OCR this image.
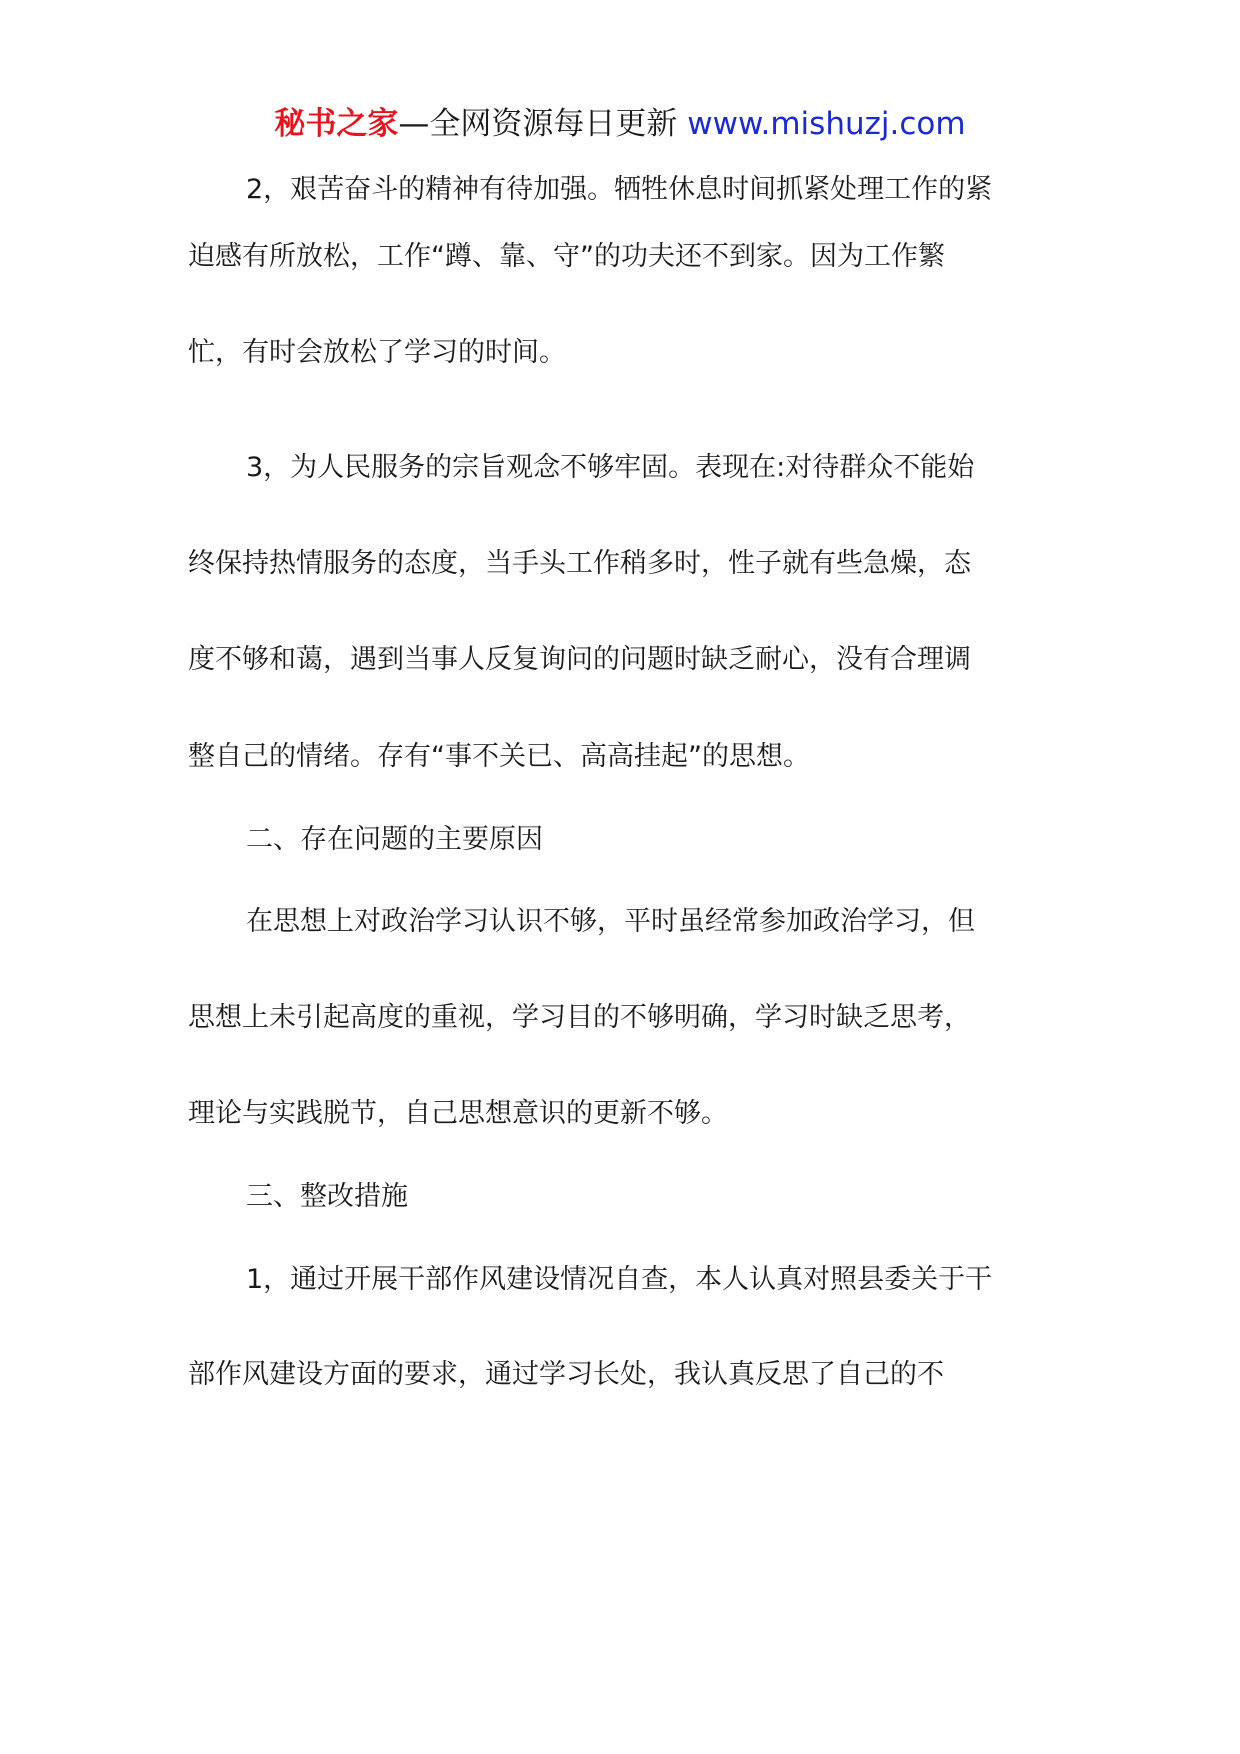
秘书之家—全网资源每日更新 www.mishuzj.com
2，艰苦奋斗的精神有待加强。牺牲休息时间抓紧处理工作的紧
迫感有所放松，工作“蹲、靠、守”的功夫还不到家。因为工作繁
忙，有时会放松了学习的时间。
3，为人民服务的宗旨观念不够牢固。表现在:对待群众不能始
终保持热情服务的态度，当手头工作稍多时，性子就有些急燥，态
度不够和蔼，遇到当事人反复询问的问题时缺乏耐心，没有合理调
整自己的情绪。存有“事不关已、高高挂起”的思想。
二、存在问题的主要原因
在思想上对政治学习认识不够，平时虽经常参加政治学习，但
思想上未引起高度的重视，学习目的不够明确，学习时缺乏思考，
理论与实践脱节，自己思想意识的更新不够。
三、整改措施
1，通过开展干部作风建设情况自查，本人认真对照县委关于干
部作风建设方面的要求，通过学习长处，我认真反思了自己的不
